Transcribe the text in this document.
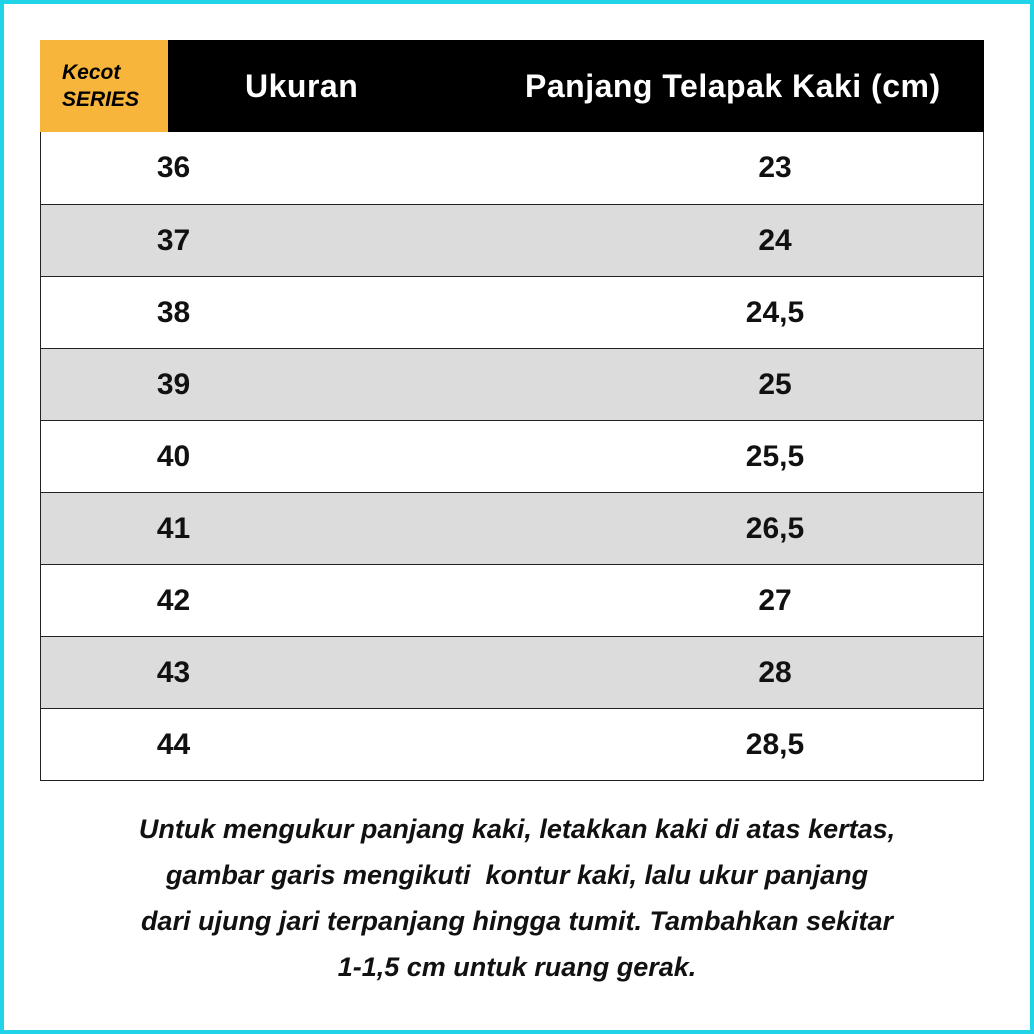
Kecot
SERIES	Ukuran	Panjang Telapak Kaki (cm)
36	23
37	24
38	24,5
39	25
40	25,5
41	26,5
42	27
43	28
44	28,5
Untuk mengukur panjang kaki, letakkan kaki di atas kertas,
gambar garis mengikuti  kontur kaki, lalu ukur panjang
dari ujung jari terpanjang hingga tumit. Tambahkan sekitar
1-1,5 cm untuk ruang gerak.
